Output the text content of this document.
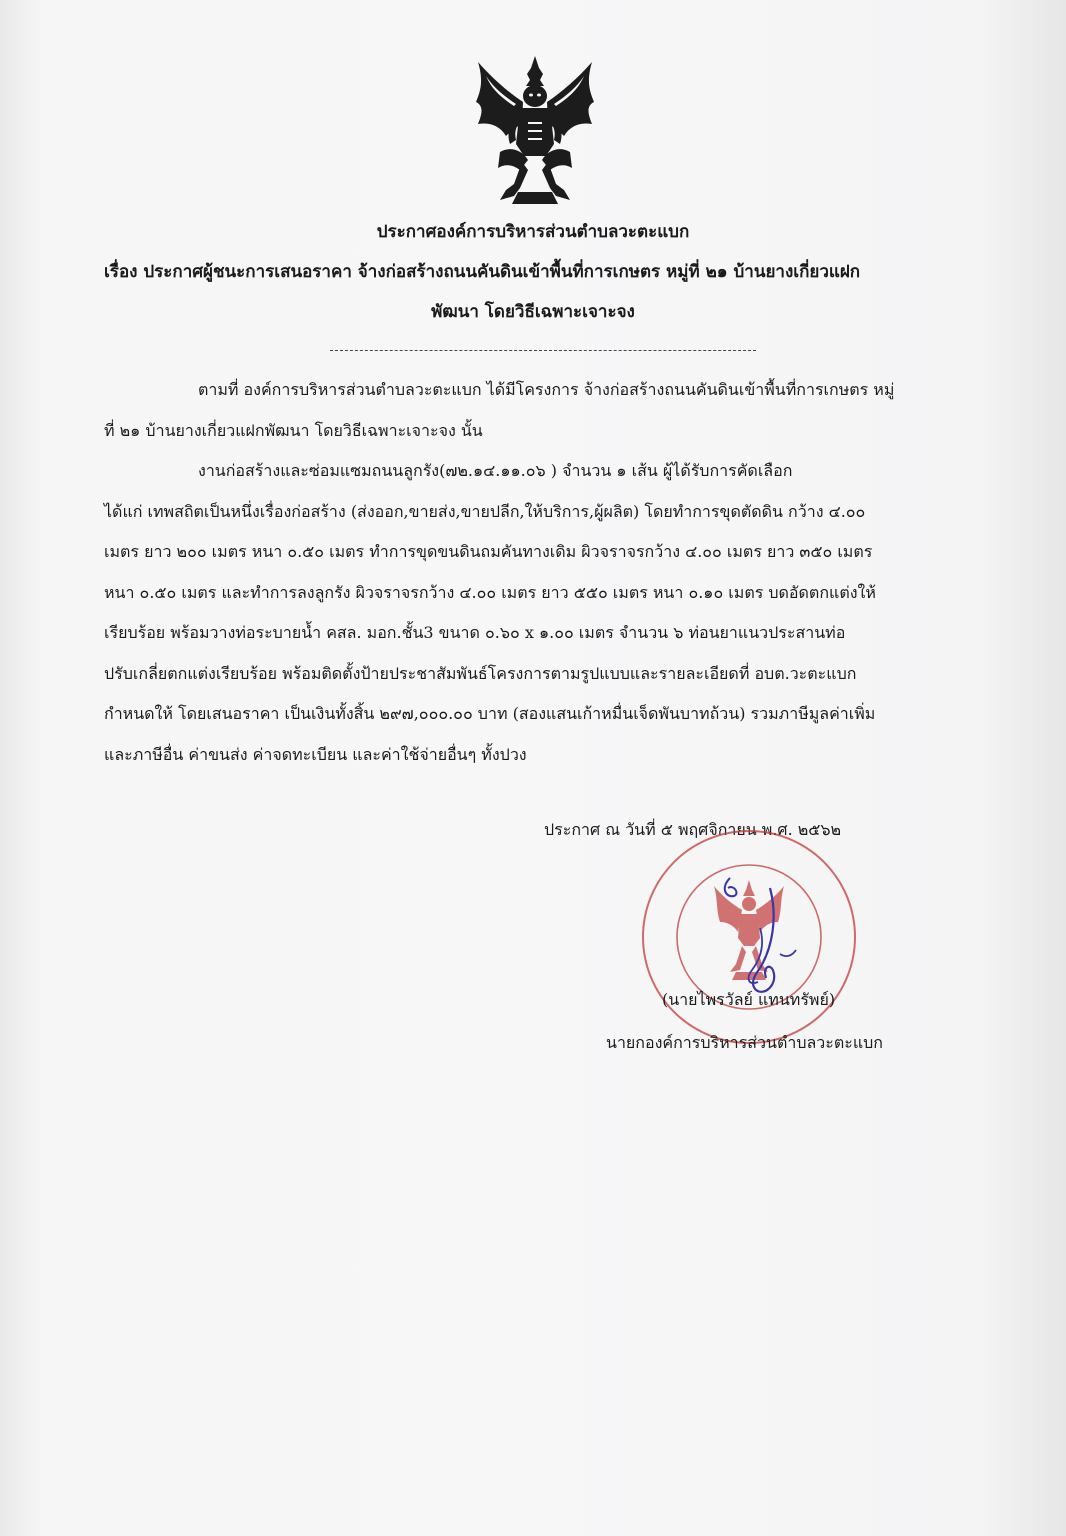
ประกาศองค์การบริหารส่วนตำบลวะตะแบก
เรื่อง ประกาศผู้ชนะการเสนอราคา จ้างก่อสร้างถนนคันดินเข้าพื้นที่การเกษตร หมู่ที่ ๒๑ บ้านยางเกี่ยวแฝก
พัฒนา โดยวิธีเฉพาะเจาะจง
ตามที่ องค์การบริหารส่วนตำบลวะตะแบก ได้มีโครงการ จ้างก่อสร้างถนนคันดินเข้าพื้นที่การเกษตร หมู่
ที่ ๒๑ บ้านยางเกี่ยวแฝกพัฒนา โดยวิธีเฉพาะเจาะจง นั้น
งานก่อสร้างและซ่อมแซมถนนลูกรัง(๗๒.๑๔.๑๑.๐๖ ) จำนวน ๑ เส้น ผู้ได้รับการคัดเลือก
ได้แก่ เทพสถิตเป็นหนึ่งเรื่องก่อสร้าง (ส่งออก,ขายส่ง,ขายปลีก,ให้บริการ,ผู้ผลิต) โดยทำการขุดตัดดิน กว้าง ๔.๐๐
เมตร ยาว ๒๐๐ เมตร หนา ๐.๕๐ เมตร ทำการขุดขนดินถมคันทางเดิม ผิวจราจรกว้าง ๔.๐๐ เมตร ยาว ๓๕๐ เมตร
หนา ๐.๕๐ เมตร และทำการลงลูกรัง ผิวจราจรกว้าง ๔.๐๐ เมตร ยาว ๕๕๐ เมตร หนา ๐.๑๐ เมตร บดอัดตกแต่งให้
เรียบร้อย พร้อมวางท่อระบายน้ำ คสล. มอก.ชั้น3 ขนาด ๐.๖๐ x ๑.๐๐ เมตร จำนวน ๖ ท่อนยาแนวประสานท่อ
ปรับเกลี่ยตกแต่งเรียบร้อย พร้อมติดตั้งป้ายประชาสัมพันธ์โครงการตามรูปแบบและรายละเอียดที่ อบต.วะตะแบก
กำหนดให้ โดยเสนอราคา เป็นเงินทั้งสิ้น ๒๙๗,๐๐๐.๐๐ บาท (สองแสนเก้าหมื่นเจ็ดพันบาทถ้วน) รวมภาษีมูลค่าเพิ่ม
และภาษีอื่น ค่าขนส่ง ค่าจดทะเบียน และค่าใช้จ่ายอื่นๆ ทั้งปวง
ประกาศ ณ วันที่ ๕ พฤศจิกายน พ.ศ. ๒๕๖๒
(นายไพรวัลย์ แทนทรัพย์)
นายกองค์การบริหารส่วนตำบลวะตะแบก
